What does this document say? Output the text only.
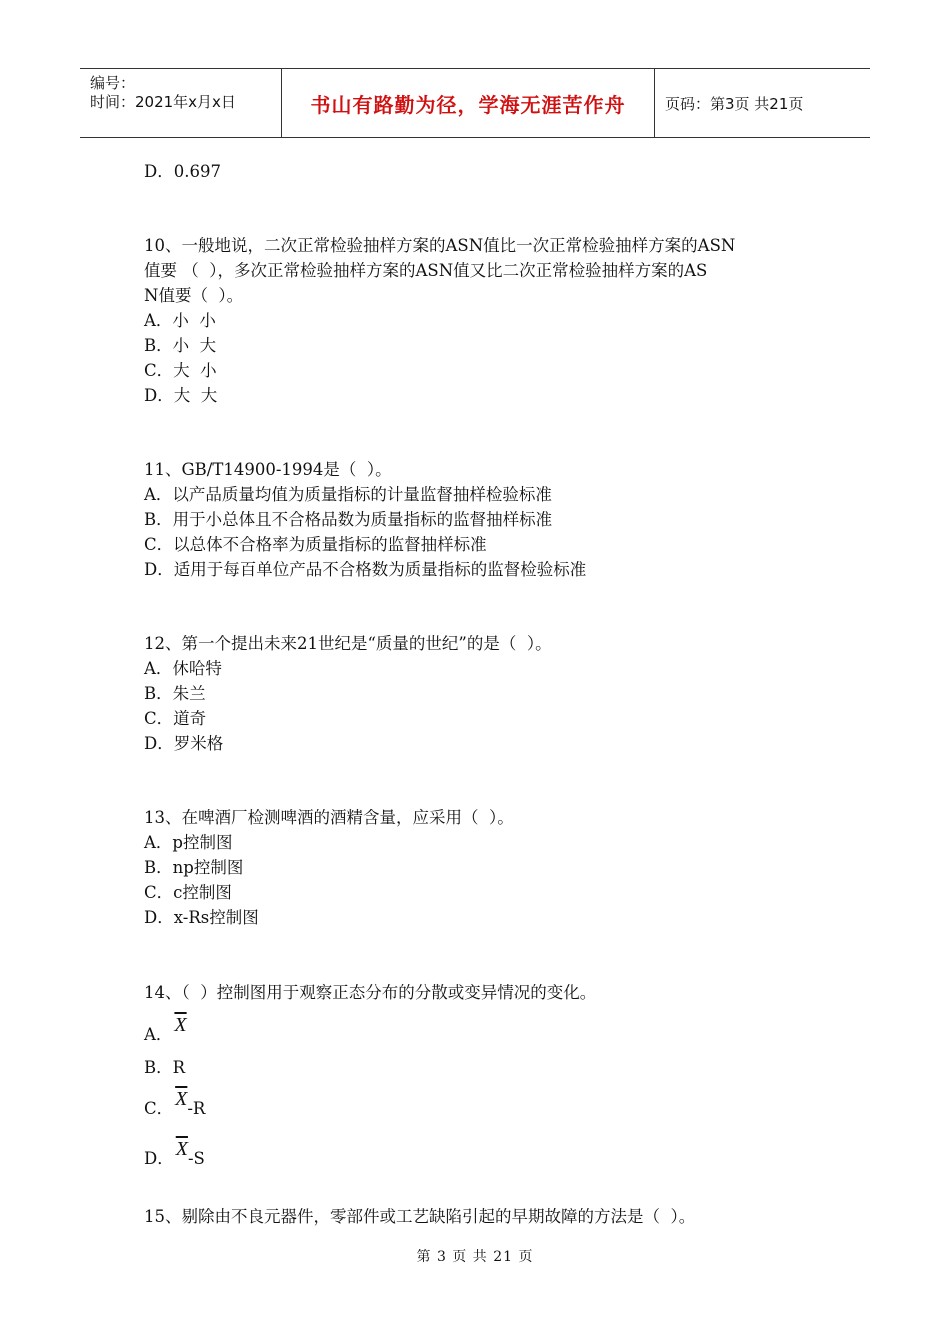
编号：
时间：2021年x月x日	书山有路勤为径，学海无涯苦作舟	页码：第3页 共21页
D．0.697
10、一般地说，二次正常检验抽样方案的ASN值比一次正常检验抽样方案的ASN
值要 （  ），多次正常检验抽样方案的ASN值又比二次正常检验抽样方案的AS
N值要（  ）。
A．小  小
B．小  大
C．大  小
D．大  大
11、GB/T14900-1994是（  ）。
A．以产品质量均值为质量指标的计量监督抽样检验标准
B．用于小总体且不合格品数为质量指标的监督抽样标准
C．以总体不合格率为质量指标的监督抽样标准
D．适用于每百单位产品不合格数为质量指标的监督检验标准
12、第一个提出未来21世纪是“质量的世纪”的是（  ）。
A．休哈特
B．朱兰
C．道奇
D．罗米格
13、在啤酒厂检测啤酒的酒精含量，应采用（  ）。
A．p控制图
B．np控制图
C．c控制图
D．x-Rs控制图
14、（  ）控制图用于观察正态分布的分散或变异情况的变化。
A． $\overline{X}$
B．R
C． $\overline{X}-R$
D． $\overline{X}-S$
15、剔除由不良元器件，零部件或工艺缺陷引起的早期故障的方法是（  ）。
第 3 页 共 21 页
